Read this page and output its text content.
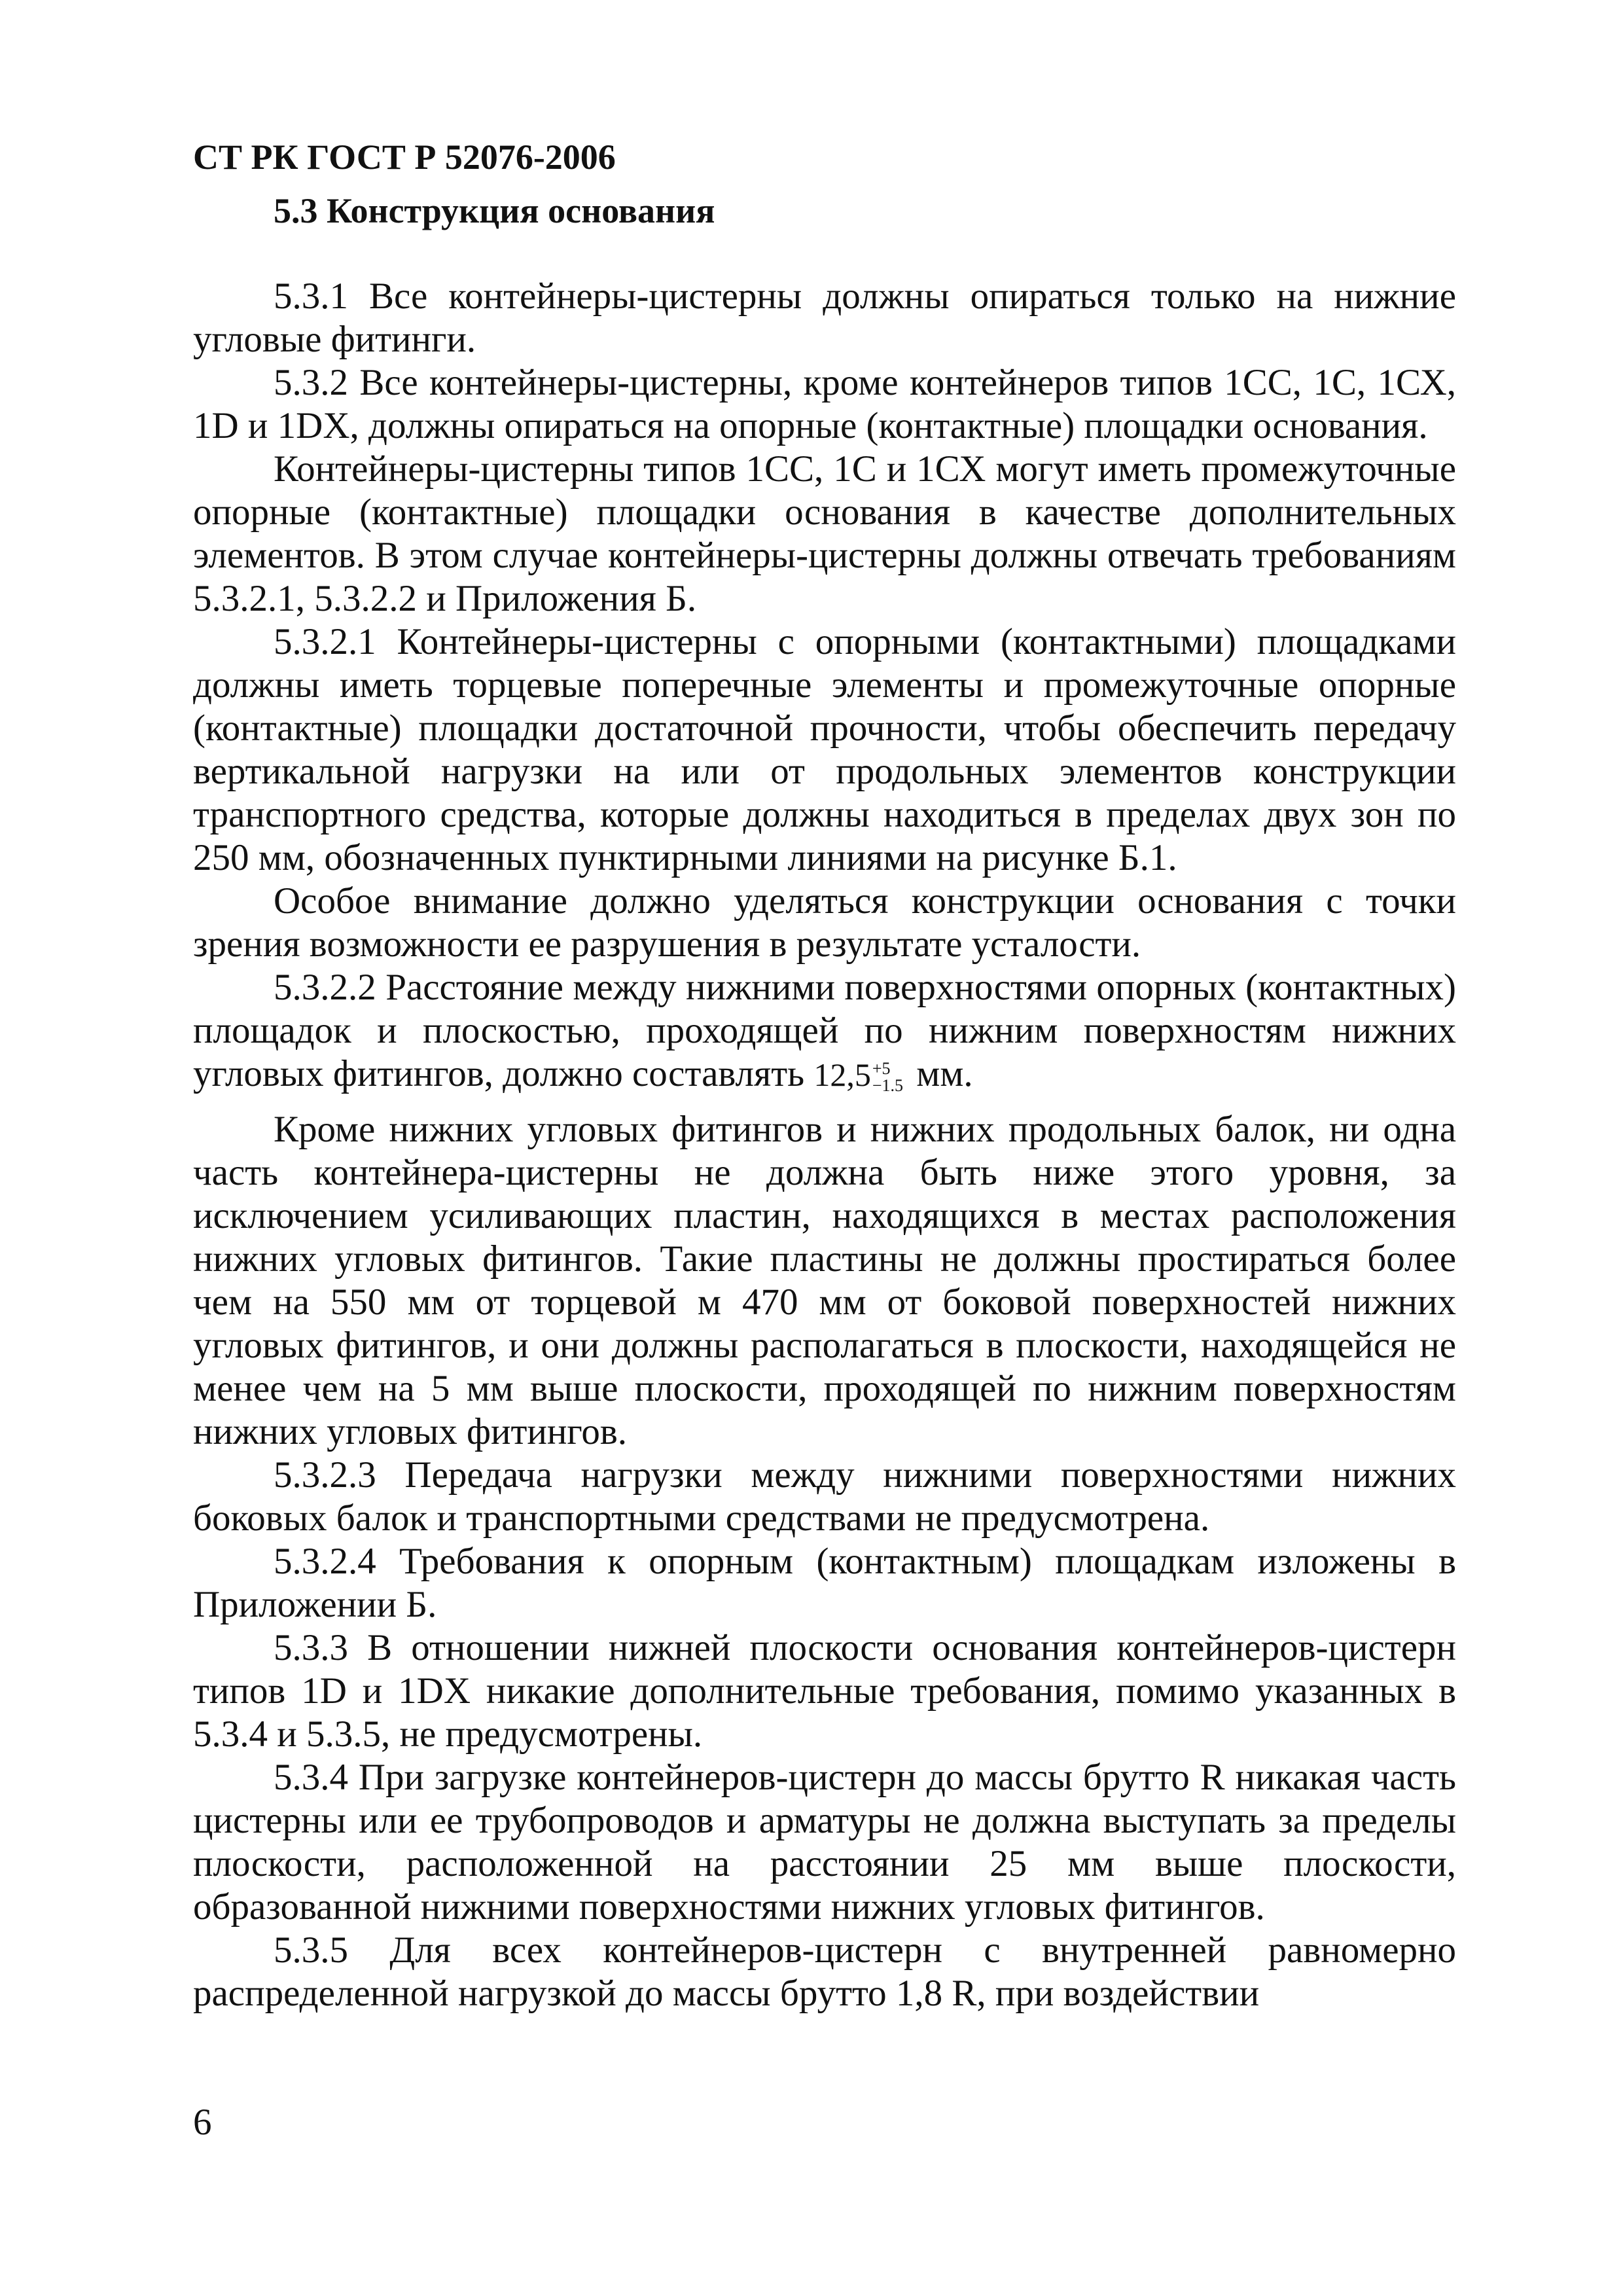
СТ РК ГОСТ Р 52076-2006
5.3 Конструкция основания

5.3.1 Все контейнеры-цистерны должны опираться только на нижние угловые фитинги.

5.3.2 Все контейнеры-цистерны, кроме контейнеров типов 1СС, 1С, 1СХ, 1D и 1DX, должны опираться на опорные (контактные) площадки основания.

Контейнеры-цистерны типов 1СС, 1С и 1СХ могут иметь промежуточные опорные (контактные) площадки основания в качестве дополнительных элементов. В этом случае контейнеры-цистерны должны отвечать требованиям 5.3.2.1, 5.3.2.2 и Приложения Б.

5.3.2.1 Контейнеры-цистерны с опорными (контактными) площадками должны иметь торцевые поперечные элементы и промежуточные опорные (контактные) площадки достаточной прочности, чтобы обеспечить передачу вертикальной нагрузки на или от продольных элементов конструкции транспортного средства, которые должны находиться в пределах двух зон по 250 мм, обозначенных пунктирными линиями на рисунке Б.1.

Особое внимание должно уделяться конструкции основания с точки зрения возможности ее разрушения в результате усталости.

5.3.2.2 Расстояние между нижними поверхностями опорных (контактных) площадок и плоскостью, проходящей по нижним поверхностям нижних угловых фитингов, должно составлять 12,5 +5
−1.5 мм.

Кроме нижних угловых фитингов и нижних продольных балок, ни одна часть контейнера-цистерны не должна быть ниже этого уровня, за исключением усиливающих пластин, находящихся в местах расположения нижних угловых фитингов. Такие пластины не должны простираться более чем на 550 мм от торцевой м 470 мм от боковой поверхностей нижних угловых фитингов, и они должны располагаться в плоскости, находящейся не менее чем на 5 мм выше плоскости, проходящей по нижним поверхностям нижних угловых фитингов.

5.3.2.3 Передача нагрузки между нижними поверхностями нижних боковых балок и транспортными средствами не предусмотрена.

5.3.2.4 Требования к опорным (контактным) площадкам изложены в Приложении Б.

5.3.3 В отношении нижней плоскости основания контейнеров-цистерн типов 1D и 1DX никакие дополнительные требования, помимо указанных в 5.3.4 и 5.3.5, не предусмотрены.

5.3.4 При загрузке контейнеров-цистерн до массы брутто R никакая часть цистерны или ее трубопроводов и арматуры не должна выступать за пределы плоскости, расположенной на расстоянии 25 мм выше плоскости, образованной нижними поверхностями нижних угловых фитингов.

5.3.5 Для всех контейнеров-цистерн с внутренней равномерно распределенной нагрузкой до массы брутто 1,8 R, при воздействии

6
